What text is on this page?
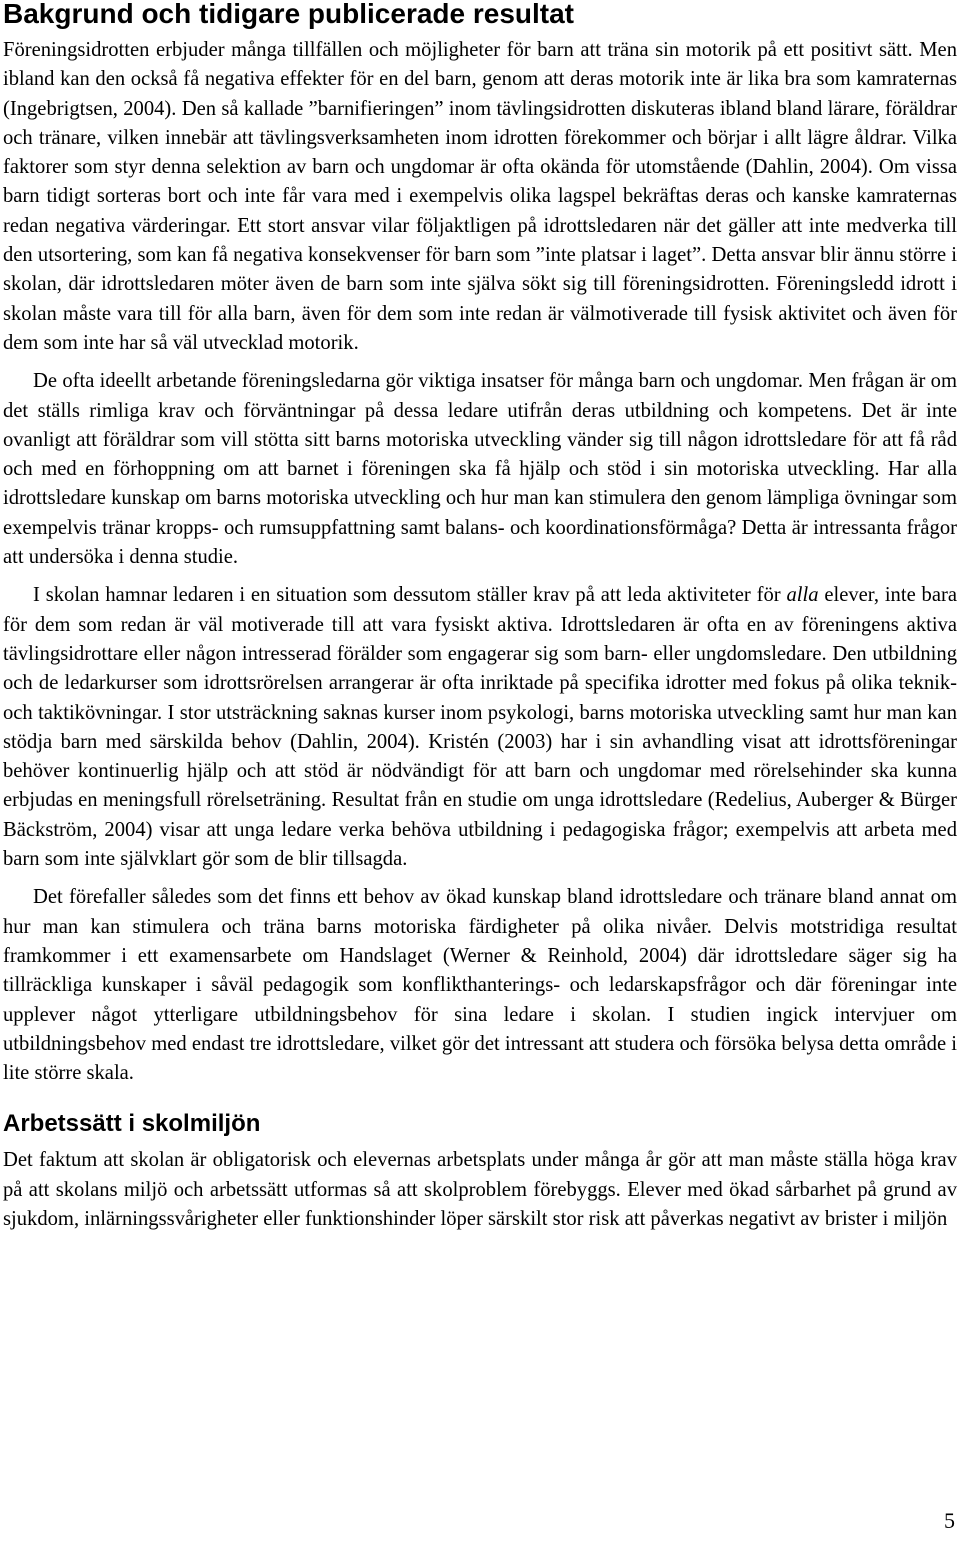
Bakgrund och tidigare publicerade resultat

Föreningsidrotten erbjuder många tillfällen och möjligheter för barn att träna sin motorik på ett positivt sätt. Men ibland kan den också få negativa effekter för en del barn, genom att deras motorik inte är lika bra som kamraternas (Ingebrigtsen, 2004). Den så kallade ”barnifieringen” inom tävlingsidrotten diskuteras ibland bland lärare, föräldrar och tränare, vilken innebär att tävlingsverksamheten inom idrotten förekommer och börjar i allt lägre åldrar. Vilka faktorer som styr denna selektion av barn och ungdomar är ofta okända för utomstående (Dahlin, 2004). Om vissa barn tidigt sorteras bort och inte får vara med i exempelvis olika lagspel bekräftas deras och kanske kamraternas redan negativa värderingar. Ett stort ansvar vilar följaktligen på idrottsledaren när det gäller att inte medverka till den utsortering, som kan få negativa konsekvenser för barn som ”inte platsar i laget”. Detta ansvar blir ännu större i skolan, där idrottsledaren möter även de barn som inte själva sökt sig till föreningsidrotten. Föreningsledd idrott i skolan måste vara till för alla barn, även för dem som inte redan är välmotiverade till fysisk aktivitet och även för dem som inte har så väl utvecklad motorik.

De ofta ideellt arbetande föreningsledarna gör viktiga insatser för många barn och ungdomar. Men frågan är om det ställs rimliga krav och förväntningar på dessa ledare utifrån deras utbildning och kompetens. Det är inte ovanligt att föräldrar som vill stötta sitt barns motoriska utveckling vänder sig till någon idrottsledare för att få råd och med en förhoppning om att barnet i föreningen ska få hjälp och stöd i sin motoriska utveckling. Har alla idrottsledare kunskap om barns motoriska utveckling och hur man kan stimulera den genom lämpliga övningar som exempelvis tränar kropps- och rumsuppfattning samt balans- och koordinationsförmåga? Detta är intressanta frågor att undersöka i denna studie.

I skolan hamnar ledaren i en situation som dessutom ställer krav på att leda aktiviteter för alla elever, inte bara för dem som redan är väl motiverade till att vara fysiskt aktiva. Idrottsledaren är ofta en av föreningens aktiva tävlingsidrottare eller någon intresserad förälder som engagerar sig som barn- eller ungdomsledare. Den utbildning och de ledarkurser som idrottsrörelsen arrangerar är ofta inriktade på specifika idrotter med fokus på olika teknik- och taktikövningar. I stor utsträckning saknas kurser inom psykologi, barns motoriska utveckling samt hur man kan stödja barn med särskilda behov (Dahlin, 2004). Kristén (2003) har i sin avhandling visat att idrottsföreningar behöver kontinuerlig hjälp och att stöd är nödvändigt för att barn och ungdomar med rörelsehinder ska kunna erbjudas en meningsfull rörelseträning. Resultat från en studie om unga idrottsledare (Redelius, Auberger & Bürger Bäckström, 2004) visar att unga ledare verka behöva utbildning i pedagogiska frågor; exempelvis att arbeta med barn som inte självklart gör som de blir tillsagda.

Det förefaller således som det finns ett behov av ökad kunskap bland idrottsledare och tränare bland annat om hur man kan stimulera och träna barns motoriska färdigheter på olika nivåer. Delvis motstridiga resultat framkommer i ett examensarbete om Handslaget (Werner & Reinhold, 2004) där idrottsledare säger sig ha tillräckliga kunskaper i såväl pedagogik som konflikthanterings- och ledarskapsfrågor och där föreningar inte upplever något ytterligare utbildningsbehov för sina ledare i skolan. I studien ingick intervjuer om utbildningsbehov med endast tre idrottsledare, vilket gör det intressant att studera och försöka belysa detta område i lite större skala.

Arbetssätt i skolmiljön

Det faktum att skolan är obligatorisk och elevernas arbetsplats under många år gör att man måste ställa höga krav på att skolans miljö och arbetssätt utformas så att skolproblem förebyggs. Elever med ökad sårbarhet på grund av sjukdom, inlärningssvårigheter eller funktionshinder löper särskilt stor risk att påverkas negativt av brister i miljön

5
